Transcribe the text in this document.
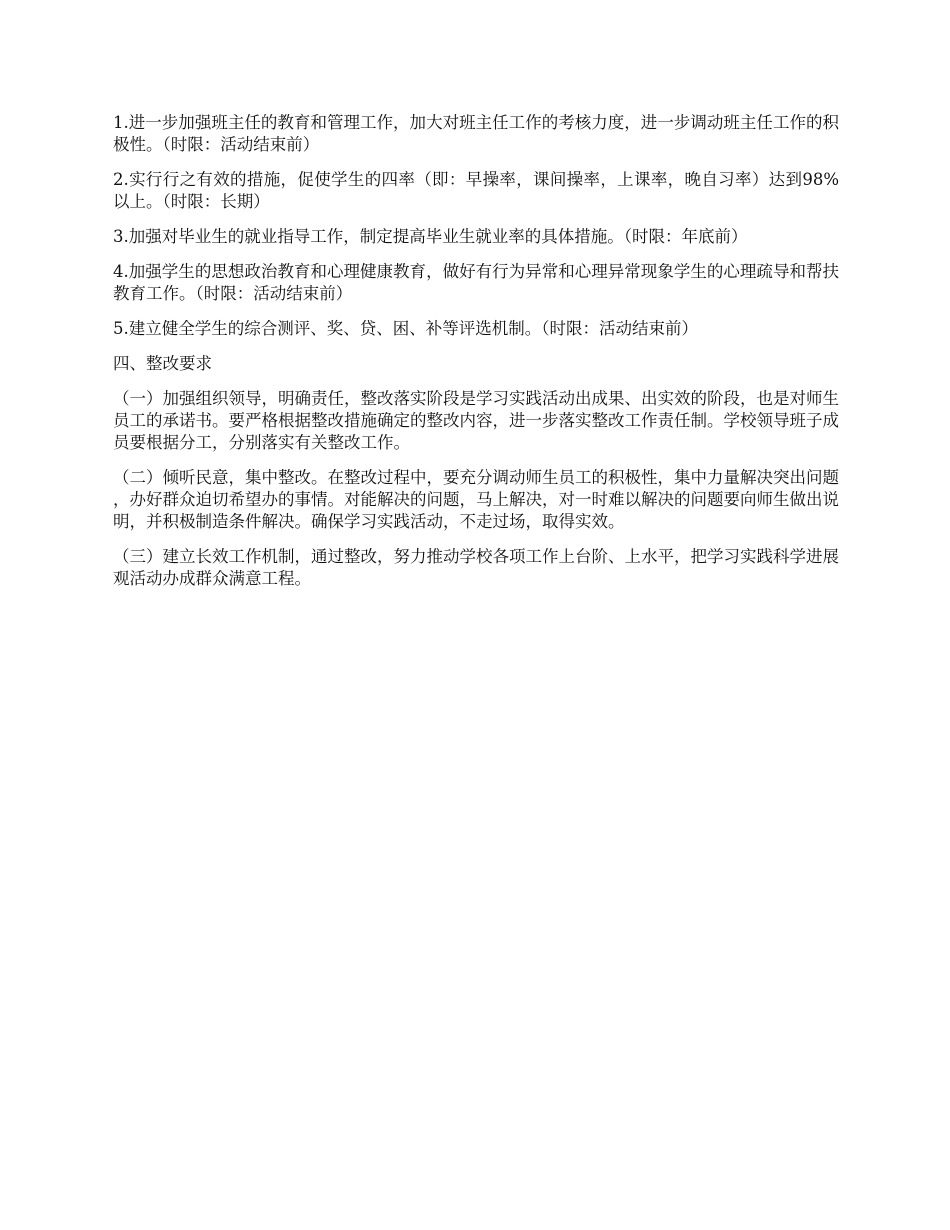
1.进一步加强班主任的教育和管理工作，加大对班主任工作的考核力度，进一步调动班主任工作的积极性。（时限：活动结束前）

2.实行行之有效的措施，促使学生的四率（即：早操率，课间操率，上课率，晚自习率）达到98%以上。（时限：长期）

3.加强对毕业生的就业指导工作，制定提高毕业生就业率的具体措施。（时限：年底前）

4.加强学生的思想政治教育和心理健康教育，做好有行为异常和心理异常现象学生的心理疏导和帮扶教育工作。（时限：活动结束前）

5.建立健全学生的综合测评、奖、贷、困、补等评选机制。（时限：活动结束前）

四、整改要求

（一）加强组织领导，明确责任，整改落实阶段是学习实践活动出成果、出实效的阶段，也是对师生员工的承诺书。要严格根据整改措施确定的整改内容，进一步落实整改工作责任制。学校领导班子成员要根据分工，分别落实有关整改工作。

（二）倾听民意，集中整改。在整改过程中，要充分调动师生员工的积极性，集中力量解决突出问题，办好群众迫切希望办的事情。对能解决的问题，马上解决，对一时难以解决的问题要向师生做出说明，并积极制造条件解决。确保学习实践活动，不走过场，取得实效。

（三）建立长效工作机制，通过整改，努力推动学校各项工作上台阶、上水平，把学习实践科学进展观活动办成群众满意工程。
